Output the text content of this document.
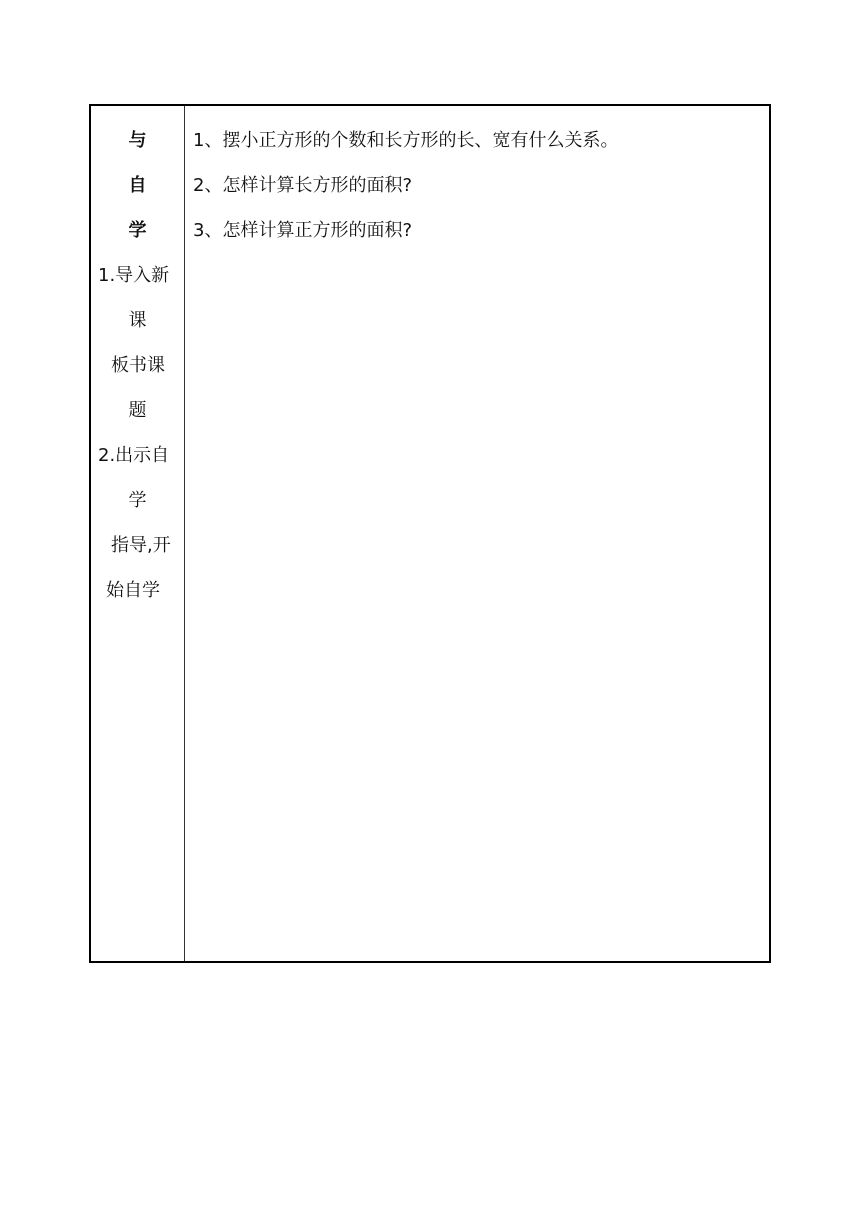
与
自
学
1.导入新
课
板书课
题
2.出示自
学
指导,开
始自学
1、摆小正方形的个数和长方形的长、宽有什么关系。
2、怎样计算长方形的面积?
3、怎样计算正方形的面积?
